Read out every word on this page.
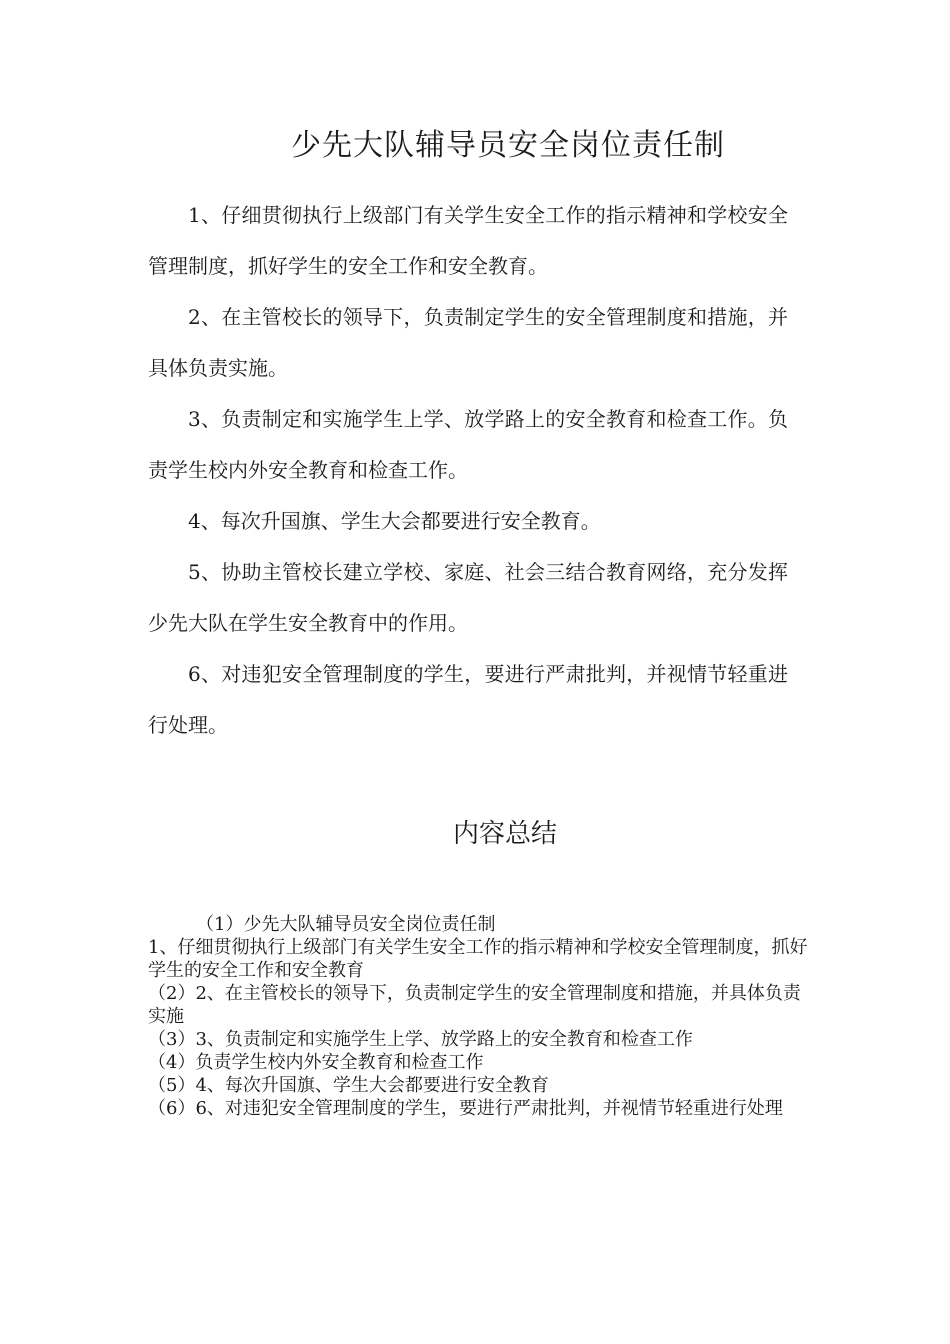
少先大队辅导员安全岗位责任制

1、仔细贯彻执行上级部门有关学生安全工作的指示精神和学校安全管理制度，抓好学生的安全工作和安全教育。

2、在主管校长的领导下，负责制定学生的安全管理制度和措施，并具体负责实施。

3、负责制定和实施学生上学、放学路上的安全教育和检查工作。负责学生校内外安全教育和检查工作。

4、每次升国旗、学生大会都要进行安全教育。

5、协助主管校长建立学校、家庭、社会三结合教育网络，充分发挥少先大队在学生安全教育中的作用。

6、对违犯安全管理制度的学生，要进行严肃批判，并视情节轻重进行处理。

内容总结
（1）少先大队辅导员安全岗位责任制
1、仔细贯彻执行上级部门有关学生安全工作的指示精神和学校安全管理制度，抓好学生的安全工作和安全教育
（2）2、在主管校长的领导下，负责制定学生的安全管理制度和措施，并具体负责实施
（3）3、负责制定和实施学生上学、放学路上的安全教育和检查工作
（4）负责学生校内外安全教育和检查工作
（5）4、每次升国旗、学生大会都要进行安全教育
（6）6、对违犯安全管理制度的学生，要进行严肃批判，并视情节轻重进行处理
